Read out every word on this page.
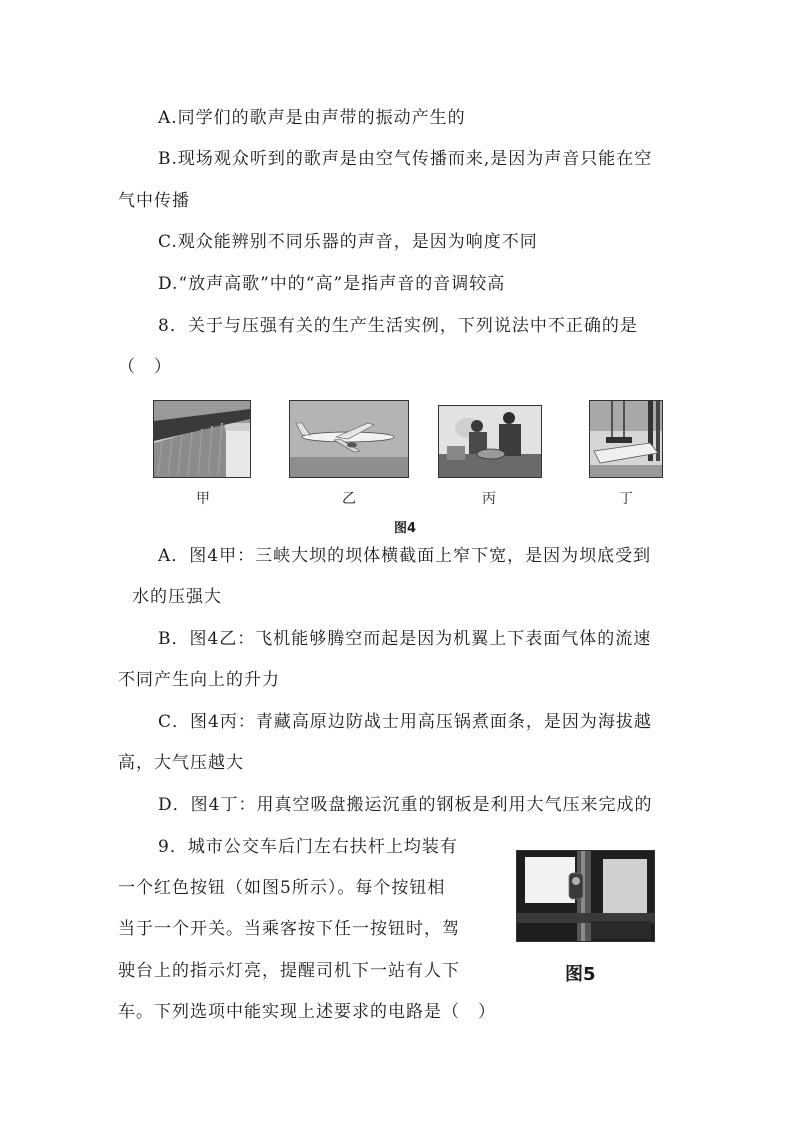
A.同学们的歌声是由声带的振动产生的
B.现场观众听到的歌声是由空气传播而来,是因为声音只能在空
气中传播
C.观众能辨别不同乐器的声音，是因为响度不同
D.“放声高歌”中的“高”是指声音的音调较高
8．关于与压强有关的生产生活实例，下列说法中不正确的是
（　）
甲	乙	丙	丁
图4
A．图4甲：三峡大坝的坝体横截面上窄下宽，是因为坝底受到
水的压强大
B．图4乙：飞机能够腾空而起是因为机翼上下表面气体的流速
不同产生向上的升力
C．图4丙：青藏高原边防战士用高压锅煮面条，是因为海拔越
高，大气压越大
D．图4丁：用真空吸盘搬运沉重的钢板是利用大气压来完成的
9．城市公交车后门左右扶杆上均装有
一个红色按钮（如图5所示）。每个按钮相
当于一个开关。当乘客按下任一按钮时，驾
驶台上的指示灯亮，提醒司机下一站有人下
车。下列选项中能实现上述要求的电路是（　）
图5
